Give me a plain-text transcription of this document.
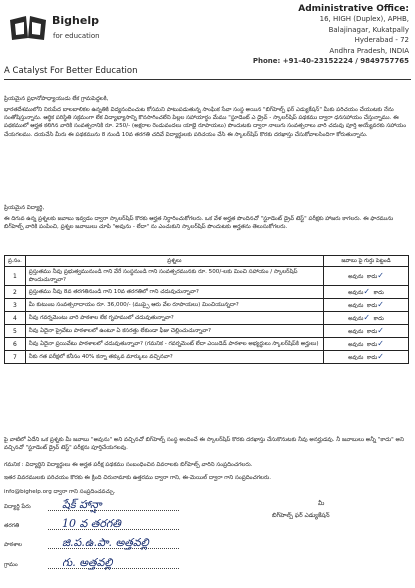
Bighelp
for education
A Catalyst For Better Education
Administrative Office:
16, HIGH (Duplex), APHB,
Balajinagar, Kukatpally
Hyderabad - 72
Andhra Pradesh, INDIA
Phone: +91-40-23152224 / 9849757765
ప్రియమైన ప్రధానోపాధ్యాయుడు లేక గ్రామపెద్దలకి,
భారతదేశములోని నిరుపేద బాలబాలికల ఉన్నతికి విద్యనందించుట కోసమని పాటుపడుతున్న సాంఘిక సేవా సంస్థ అయిన "బిగ్‌హెల్ప్ ఫర్ ఎడ్యుకేషన్" మీకు పరిచయం చేయుటకు నేను సంతోషిస్తున్నాను. ఆర్థిక పరిస్థితి సక్రమంగా లేక విద్యాభ్యాసాన్ని కొనసాగించలేని పిల్లల సహాయార్థం మేము "స్టూడెంట్ ఎ డ్రైవ్ - స్కాలర్‌షిప్ పథకము ద్వారా ధనసహాయం చేస్తున్నాము. ఈ పథకములో ఆర్హత కలిగిన వారికి సంవత్సరానికి రూ. 250/- (అక్షరాల రెండువందలు యాభై రూపాయలు) పొందుటకు ద్వారా నాలుగు సంవత్సరాలు వారి చదువు పూర్తి అయ్యేవరకు సహాయం చేయగలము. దయచేసి మీరు ఈ పథకమును 8 నుండి 10వ తరగతి చదివే విద్యార్థులకు పరిచయం చేసి ఈ స్కాలర్‌షిప్ కొరకు దరఖాస్తు చేసుకోవాలసిందిగా కోరుతున్నాను.
ప్రియమైన విద్యార్థి,
ఈ దిగువ ఉన్న ప్రశ్నలకు జవాబు ఇవ్వడం ద్వారా స్కాలర్‌షిప్ కొరకు ఆర్హత నిర్ధారించుకోగలరు. ఒక వేళ అర్హత పొందినచో "స్టూడెంట్ డ్రైవ్ టెస్ట్" పరీక్షకు హాజరు కాగలరు. ఈ ఫారమును బిగ్‌హెల్ప్ వారికి పంపించి, ప్రశ్నల జవాబులు చూపి "అవును - లేదా" ను ఎంచుకుని స్కాలర్‌షిప్ పొందుటకు అర్హతను తెలుసుకోగలరు.
ప్ర.సం.	ప్రశ్నలు	జవాబు పై గుర్తు పెట్టండి
1	ప్రస్తుతము నీవు ప్రభుత్వమునుండి గాని వేరే సంస్థనుండి గాని సంవత్సరమునకు రూ. 500/-లకు మించి సహాయం / స్కాలర్‌షిప్ పొందుచున్నావా?	అవును కాదు✓
2	ప్రస్తుతము నీవు 8వ తరగతినుండి గాని 10వ తరగతిలో గాని చదువుచున్నావా?	అవును✓ కాదు
3	మీ కుటుంబ సంవత్సరాదాయం రూ. 36,000/- (ముప్పై ఆరు వేల రూపాయలు) మించియున్నదా?	అవును కాదు✓
4	నీవు గవర్నమెంటు వారి పాఠశాల లేక గృహములో చదువుతున్నావా?	అవును✓ కాదు
5	నీవు ఏదైనా ప్రైవేటు పాఠశాలలో ఉంటూ ఏ కసరత్తు లేకుండా ఫీజు చెల్లించుచున్నావా?	అవును కాదు✓
6	నీవు ఏదైనా ప్రయివేటు పాఠశాలలో చదువుతున్నావా? (గమనిక - గవర్నమెంట్ లేదా ఎయిడెడ్ పాఠశాల అభ్యర్థులు స్కాలర్‌షిప్‌కి అర్హులు)	అవును కాదు✓
7	నీకు గత పరీక్షలో కనీసం 40% కన్నా తక్కువ మార్కులు వచ్చినవా?	అవును కాదు✓
పై వాటిలో ఏదేని ఒక ప్రశ్నకు మీ జవాబు "అవును" అని వచ్చినచో బిగ్‌హెల్ప్ సంస్థ అందించే ఈ స్కాలర్‌షిప్ కొరకు దరఖాస్తు చేసుకొనుటకు నీవు అనర్హుడవు. నీ జవాబులు అన్నీ "కాదు" అని వచ్చినచో "స్టూడెంట్ డ్రైవ్ టెస్ట్" పరీక్షను పూర్తిచేయగలవు.
గమనిక : విద్యార్థిని విద్యార్థులు ఈ అర్హత పరీక్ష పథకము సంబంధించిన వివరాలకు బిగ్‌హెల్ప్ వారిని సంప్రదించగలరు.
ఇతర వివరములకు పరిచయం కొరకు ఈ క్రింది చిరునామాకు ఉత్తరము ద్వారా గాని, ఈ-మెయిల్ ద్వారా గాని సంప్రదించగలరు.
info@bighelp.org ద్వారా గాని సంప్రదించవచ్చు.
విద్యార్థి పేరు	షేక్ హాన్షా
తరగతి	10 వ తరగతి
పాఠశాల	జి.ప.ఉ.పా. అత్తవల్లి
గ్రామం	గు. అత్తవల్లి
మీ
బిగ్‌హెల్ప్ ఫర్ ఎడ్యుకేషన్
